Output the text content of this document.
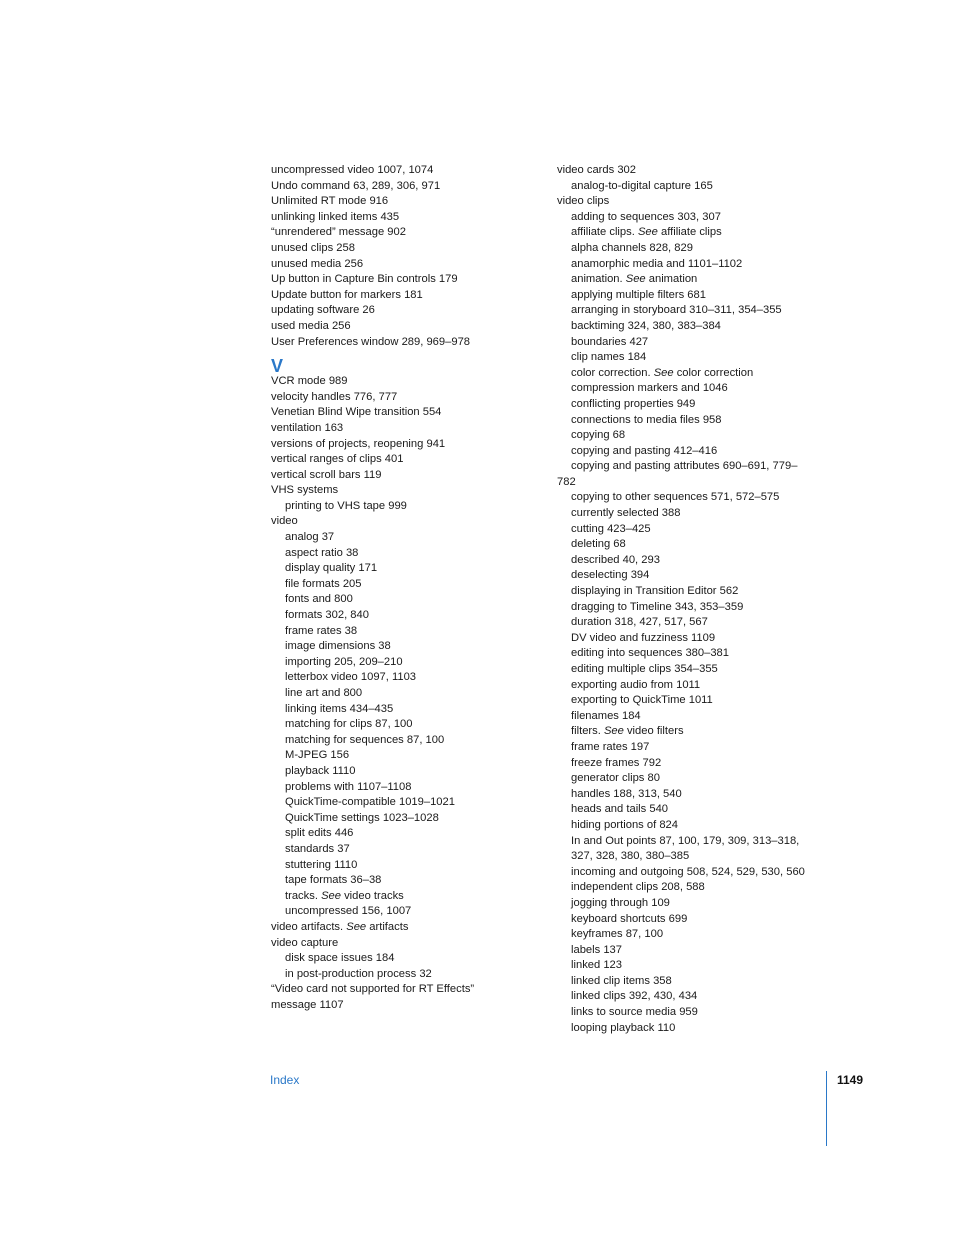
uncompressed video 1007, 1074
Undo command 63, 289, 306, 971
Unlimited RT mode 916
unlinking linked items 435
“unrendered” message 902
unused clips 258
unused media 256
Up button in Capture Bin controls 179
Update button for markers 181
updating software 26
used media 256
User Preferences window 289, 969–978
V
VCR mode 989
velocity handles 776, 777
Venetian Blind Wipe transition 554
ventilation 163
versions of projects, reopening 941
vertical ranges of clips 401
vertical scroll bars 119
VHS systems
printing to VHS tape 999
video
analog 37
aspect ratio 38
display quality 171
file formats 205
fonts and 800
formats 302, 840
frame rates 38
image dimensions 38
importing 205, 209–210
letterbox video 1097, 1103
line art and 800
linking items 434–435
matching for clips 87, 100
matching for sequences 87, 100
M-JPEG 156
playback 1110
problems with 1107–1108
QuickTime-compatible 1019–1021
QuickTime settings 1023–1028
split edits 446
standards 37
stuttering 1110
tape formats 36–38
tracks. See video tracks
uncompressed 156, 1007
video artifacts. See artifacts
video capture
disk space issues 184
in post-production process 32
“Video card not supported for RT Effects”
message 1107
video cards 302
analog-to-digital capture 165
video clips
adding to sequences 303, 307
affiliate clips. See affiliate clips
alpha channels 828, 829
anamorphic media and 1101–1102
animation. See animation
applying multiple filters 681
arranging in storyboard 310–311, 354–355
backtiming 324, 380, 383–384
boundaries 427
clip names 184
color correction. See color correction
compression markers and 1046
conflicting properties 949
connections to media files 958
copying 68
copying and pasting 412–416
copying and pasting attributes 690–691, 779–
782
copying to other sequences 571, 572–575
currently selected 388
cutting 423–425
deleting 68
described 40, 293
deselecting 394
displaying in Transition Editor 562
dragging to Timeline 343, 353–359
duration 318, 427, 517, 567
DV video and fuzziness 1109
editing into sequences 380–381
editing multiple clips 354–355
exporting audio from 1011
exporting to QuickTime 1011
filenames 184
filters. See video filters
frame rates 197
freeze frames 792
generator clips 80
handles 188, 313, 540
heads and tails 540
hiding portions of 824
In and Out points 87, 100, 179, 309, 313–318,
327, 328, 380, 380–385
incoming and outgoing 508, 524, 529, 530, 560
independent clips 208, 588
jogging through 109
keyboard shortcuts 699
keyframes 87, 100
labels 137
linked 123
linked clip items 358
linked clips 392, 430, 434
links to source media 959
looping playback 110
Index	1149
